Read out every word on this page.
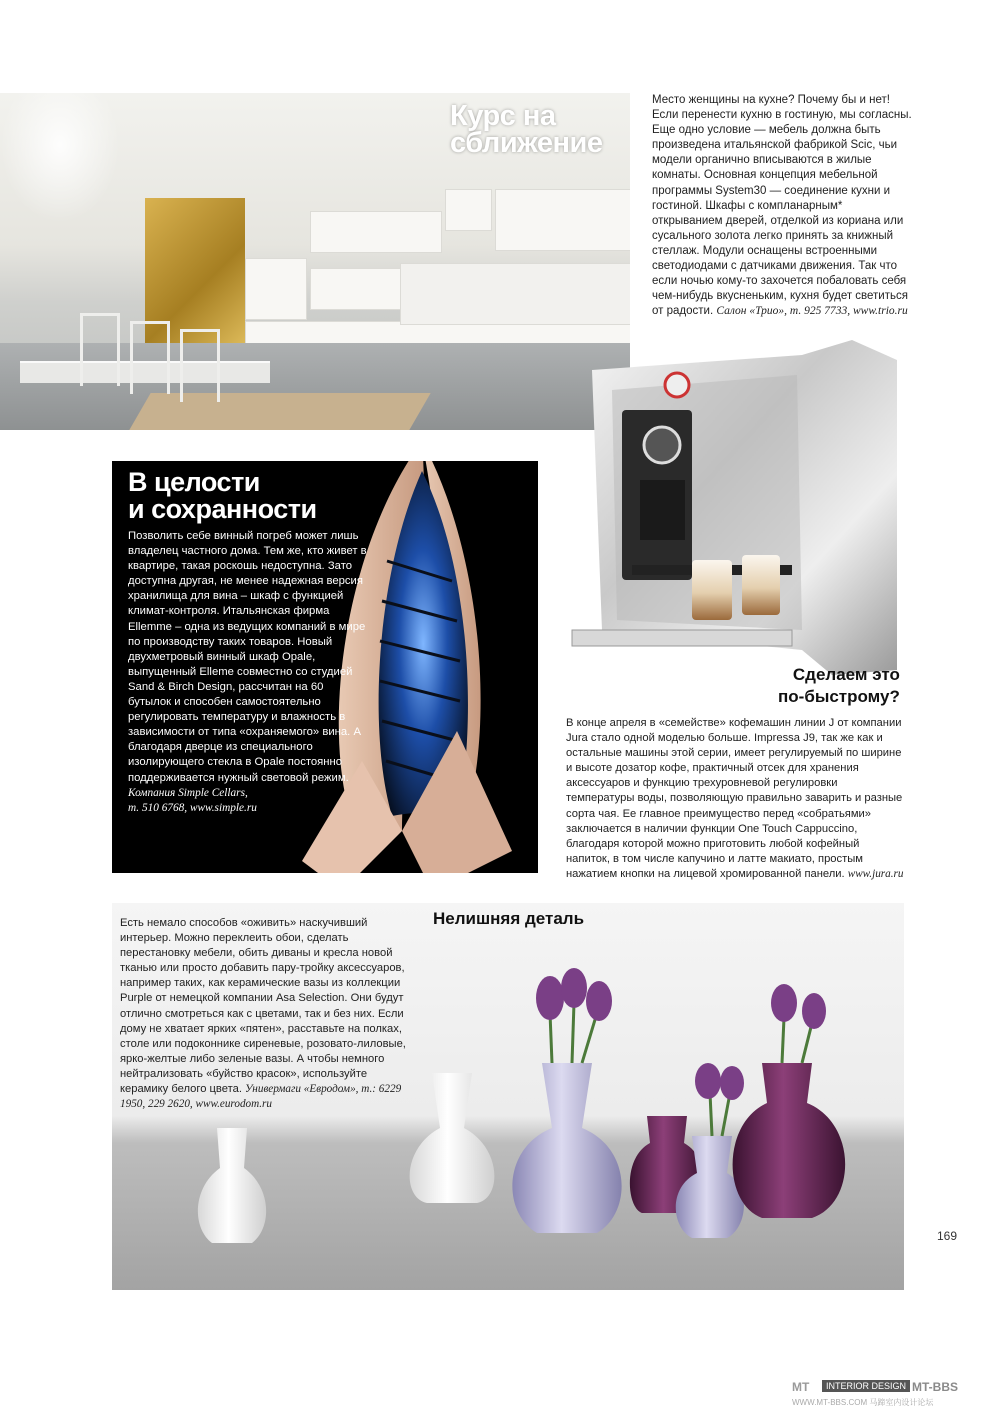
Курс на
сближение
Место женщины на кухне? Почему бы и нет! Если перенести кухню в гостиную, мы согласны. Еще одно условие — мебель должна быть произведена итальянской фабрикой Scic, чьи модели органично вписываются в жилые комнаты. Основная концепция мебельной программы System30 — соединение кухни и гостиной. Шкафы с компланарным* открыванием дверей, отделкой из кориана или сусального золота легко принять за книжный стеллаж. Модули оснащены встроенными светодиодами с датчиками движения. Так что если ночью кому-то захочется побаловать себя чем-нибудь вкусненьким, кухня будет светиться от радости. Салон «Трио», т. 925 7733, www.trio.ru
В целости
и сохранности
Позволить себе винный погреб может лишь владелец частного дома. Тем же, кто живет в квартире, такая роскошь недоступна. Зато доступна другая, не менее надежная версия хранилища для вина – шкаф с функцией климат-контроля. Итальянская фирма Ellemme – одна из ведущих компаний в мире по производству таких товаров. Новый двухметровый винный шкаф Opale, выпущенный Elleme совместно со студией Sand & Birch Design, рассчитан на 60 бутылок и способен самостоятельно регулировать температуру и влажность в зависимости от типа «охраняемого» вина. А благодаря дверце из специального изолирующего стекла в Opale постоянно поддерживается нужный световой режим.
Компания Simple Cellars,
т. 510 6768, www.simple.ru
Сделаем это
по-быстрому?
В конце апреля в «семействе» кофемашин линии J от компании Jura стало одной моделью больше. Impressa J9, так же как и остальные машины этой серии, имеет регулируемый по ширине и высоте дозатор кофе, практичный отсек для хранения аксессуаров и функцию трехуровневой регулировки температуры воды, позволяющую правильно заварить и разные сорта чая. Ее главное преимущество перед «собратьями» заключается в наличии функции One Touch Cappuccino, благодаря которой можно приготовить любой кофейный напиток, в том числе капучино и латте макиато, простым нажатием кнопки на лицевой хромированной панели. www.jura.ru
Нелишняя деталь
Есть немало способов «оживить» наскучивший интерьер. Можно переклеить обои, сделать перестановку мебели, обить диваны и кресла новой тканью или просто добавить пару-тройку аксессуаров, например таких, как керамические вазы из коллекции Purple от немецкой компании Asa Selection. Они будут отлично смотреться как с цветами, так и без них. Если дому не хватает ярких «пятен», расставьте на полках, столе или подоконнике сиреневые, розовато-лиловые, ярко-желтые либо зеленые вазы. А чтобы немного нейтрализовать «буйство красок», используйте керамику белого цвета. Универмаги «Евродом», т.: 6229 1950, 229 2620, www.eurodom.ru
169
MT	INTERIOR DESIGN MT-BBS
WWW.MT-BBS.COM 马蹄室内设计论坛
